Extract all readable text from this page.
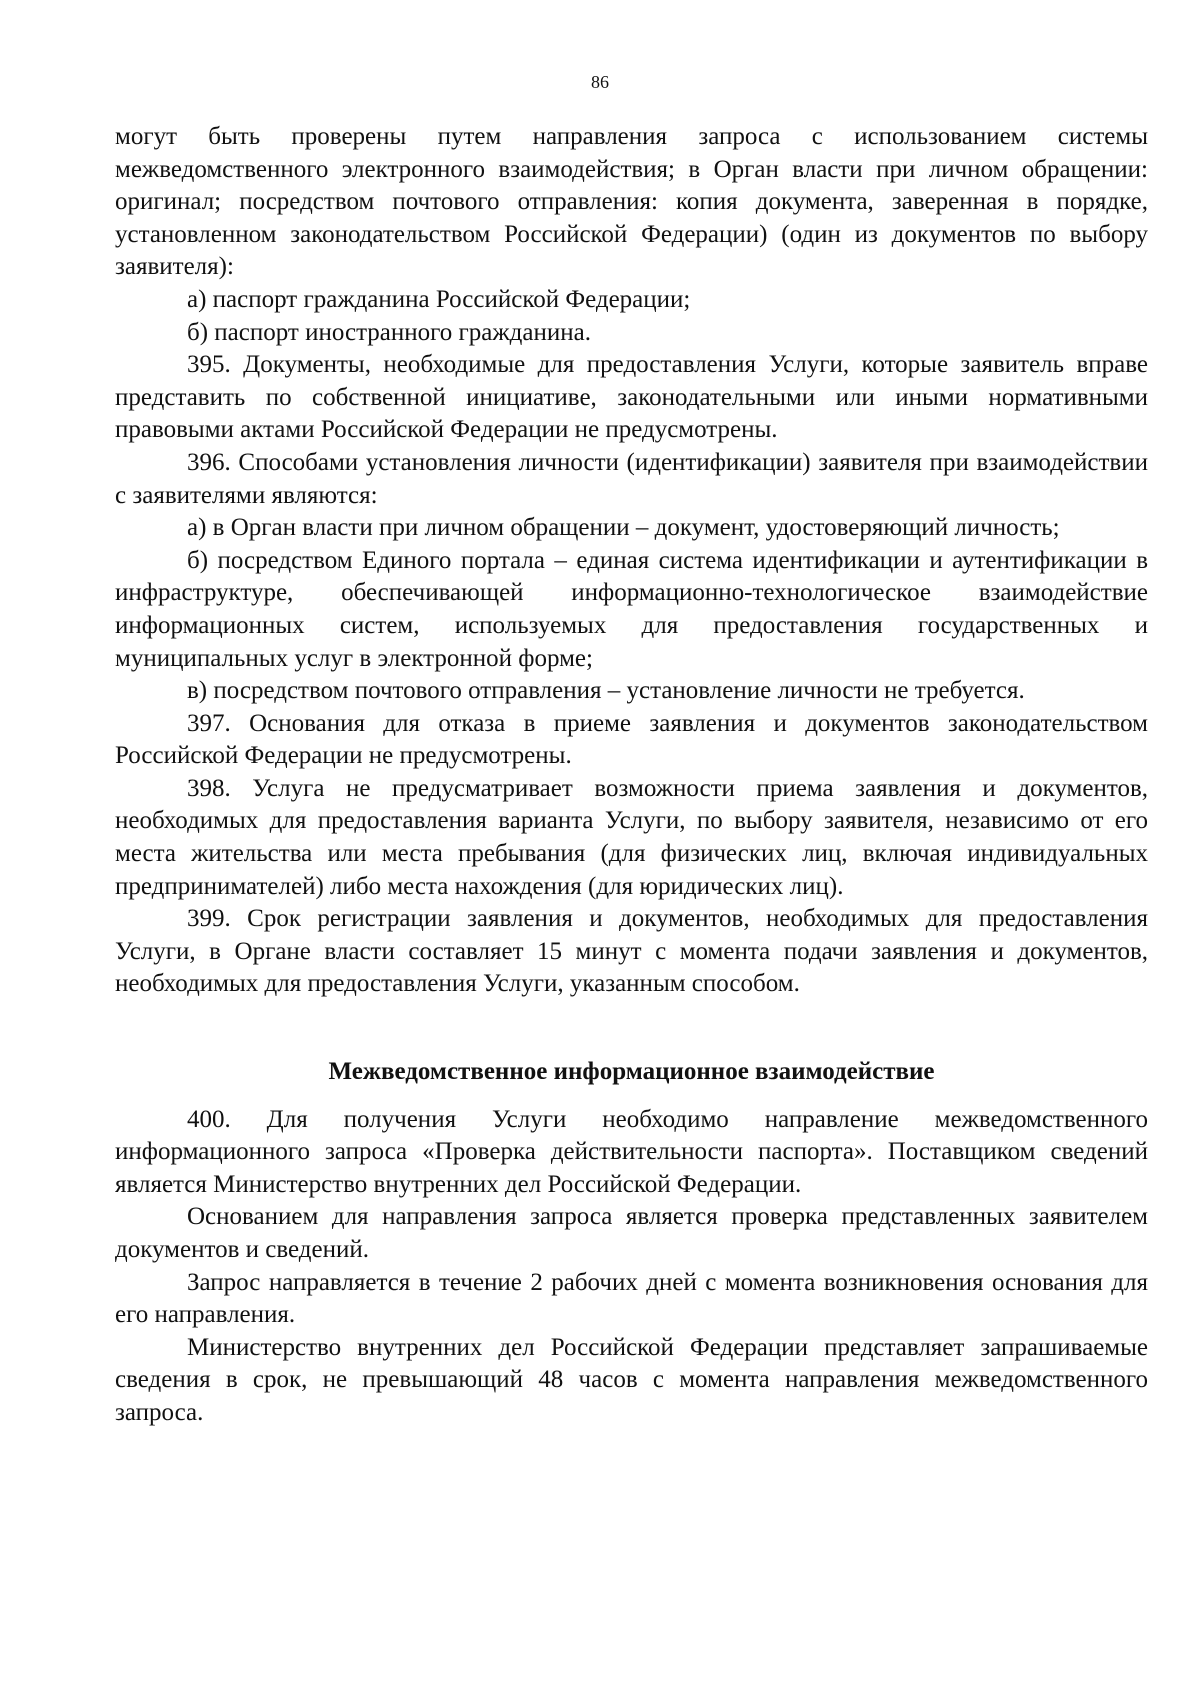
86

могут быть проверены путем направления запроса с использованием системы межведомственного электронного взаимодействия; в Орган власти при личном обращении: оригинал; посредством почтового отправления: копия документа, заверенная в порядке, установленном законодательством Российской Федерации) (один из документов по выбору заявителя):

а) паспорт гражданина Российской Федерации;

б) паспорт иностранного гражданина.

395. Документы, необходимые для предоставления Услуги, которые заявитель вправе представить по собственной инициативе, законодательными или иными нормативными правовыми актами Российской Федерации не предусмотрены.

396. Способами установления личности (идентификации) заявителя при взаимодействии с заявителями являются:

а) в Орган власти при личном обращении – документ, удостоверяющий личность;

б) посредством Единого портала – единая система идентификации и аутентификации в инфраструктуре, обеспечивающей информационно-технологическое взаимодействие информационных систем, используемых для предоставления государственных и муниципальных услуг в электронной форме;

в) посредством почтового отправления – установление личности не требуется.

397. Основания для отказа в приеме заявления и документов законодательством Российской Федерации не предусмотрены.

398. Услуга не предусматривает возможности приема заявления и документов, необходимых для предоставления варианта Услуги, по выбору заявителя, независимо от его места жительства или места пребывания (для физических лиц, включая индивидуальных предпринимателей) либо места нахождения (для юридических лиц).

399. Срок регистрации заявления и документов, необходимых для предоставления Услуги, в Органе власти составляет 15 минут с момента подачи заявления и документов, необходимых для предоставления Услуги, указанным способом.

Межведомственное информационное взаимодействие

400. Для получения Услуги необходимо направление межведомственного информационного запроса «Проверка действительности паспорта». Поставщиком сведений является Министерство внутренних дел Российской Федерации.

Основанием для направления запроса является проверка представленных заявителем документов и сведений.

Запрос направляется в течение 2 рабочих дней с момента возникновения основания для его направления.

Министерство внутренних дел Российской Федерации представляет запрашиваемые сведения в срок, не превышающий 48 часов с момента направления межведомственного запроса.
